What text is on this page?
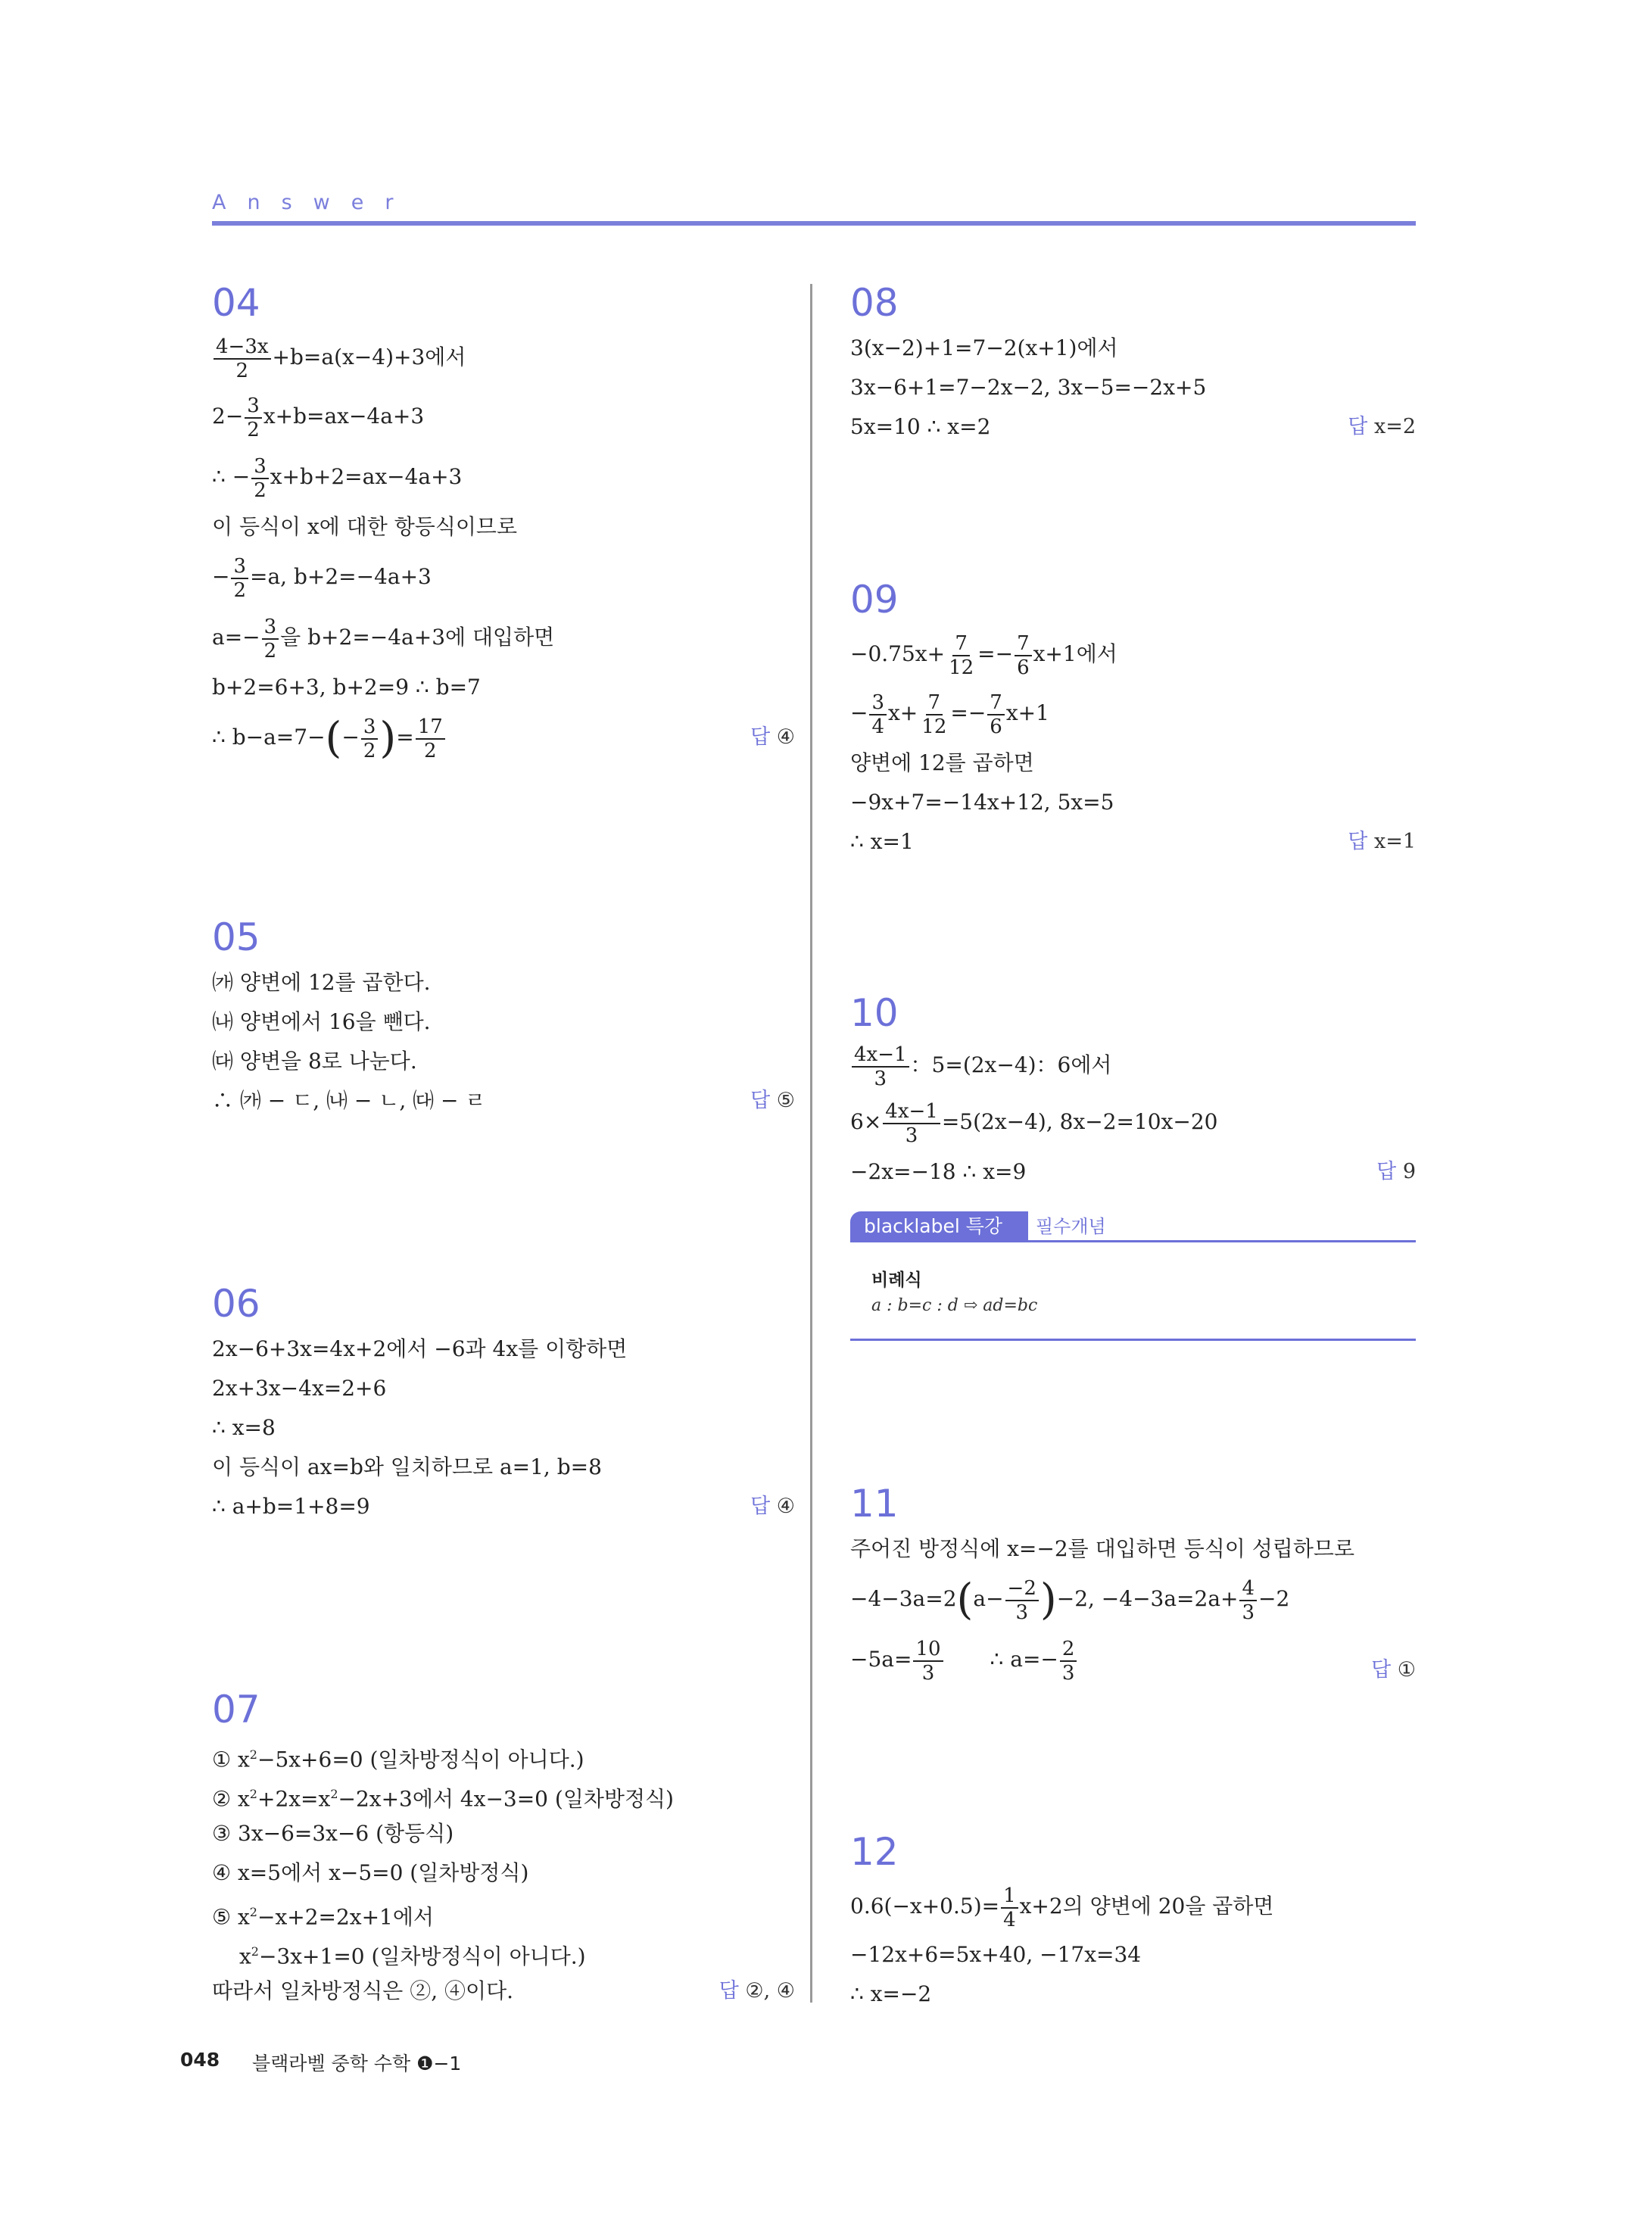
Answer
04
$\frac{4-3x}{2} +b=a(x-4)+3$에서
$2- \frac{3}{2} x+b=ax-4a+3$
∴ − $\frac{3}{2} x+b+2=ax-4a+3$
이 등식이 x에 대한 항등식이므로
− $\frac{3}{2} =a$, b+2=−4a+3
$a=- \frac{3}{2}$ 을 b+2=−4a+3에 대입하면
b+2=6+3, b+2=9 ∴ b=7
∴ $b-a=7-(- \frac{3}{2}$ )= $\frac{17}{2}$	답 ④
05
㈎ 양변에 12를 곱한다.
㈏ 양변에서 16을 뺀다.
㈐ 양변을 8로 나눈다.
∴ ㈎ − ㄷ, ㈏ − ㄴ, ㈐ − ㄹ	답 ⑤
06
2x−6+3x=4x+2에서 −6과 4x를 이항하면
2x+3x−4x=2+6
∴ x=8
이 등식이 ax=b와 일치하므로 a=1, b=8
∴ a+b=1+8=9	답 ④
07
① $x^2-5x+6=0$ (일차방정식이 아니다.)
② $x^2+2x=x^2-2x+3$에서 4x−3=0 (일차방정식)
③ 3x−6=3x−6 (항등식)
④ x=5에서 x−5=0 (일차방정식)
⑤ $x^2-x+2=2x+1$에서
$x^2-3x+1=0$ (일차방정식이 아니다.)
따라서 일차방정식은 ②, ④이다.	답 ②, ④
08
3(x−2)+1=7−2(x+1)에서
3x−6+1=7−2x−2, 3x−5=−2x+5
5x=10 ∴ x=2	답 x=2
09
$-0.75x+ \frac{7}{12} =- \frac{7}{6} x+1$에서
− $\frac{3}{4} x+ \frac{7}{12} =- \frac{7}{6} x+1$
양변에 12를 곱하면
−9x+7=−14x+12, 5x=5
∴ x=1	답 x=1
10
$\frac{4x-1}{3}$ ：5=(2x−4)：6에서
$6\times \frac{4x-1}{3} =5(2x-4)$, 8x−2=10x−20
−2x=−18 ∴ x=9	답 9
blacklabel 특강	필수개념
비례식
a : b=c : d ⇨ ad=bc
11
주어진 방정식에 x=−2를 대입하면 등식이 성립하므로
$-4-3a=2(a- \frac{-2}{3} )-2$, $-4-3a=2a+ \frac{4}{3} -2$
$-5a= \frac{10}{3}$ ∴ $a=- \frac{2}{3}$	답 ①
12
$0.6(-x+0.5)= \frac{1}{4} x+2$의 양변에 20을 곱하면
−12x+6=5x+40, −17x=34
∴ x=−2
048 블랙라벨 중학 수학 ❶−1
